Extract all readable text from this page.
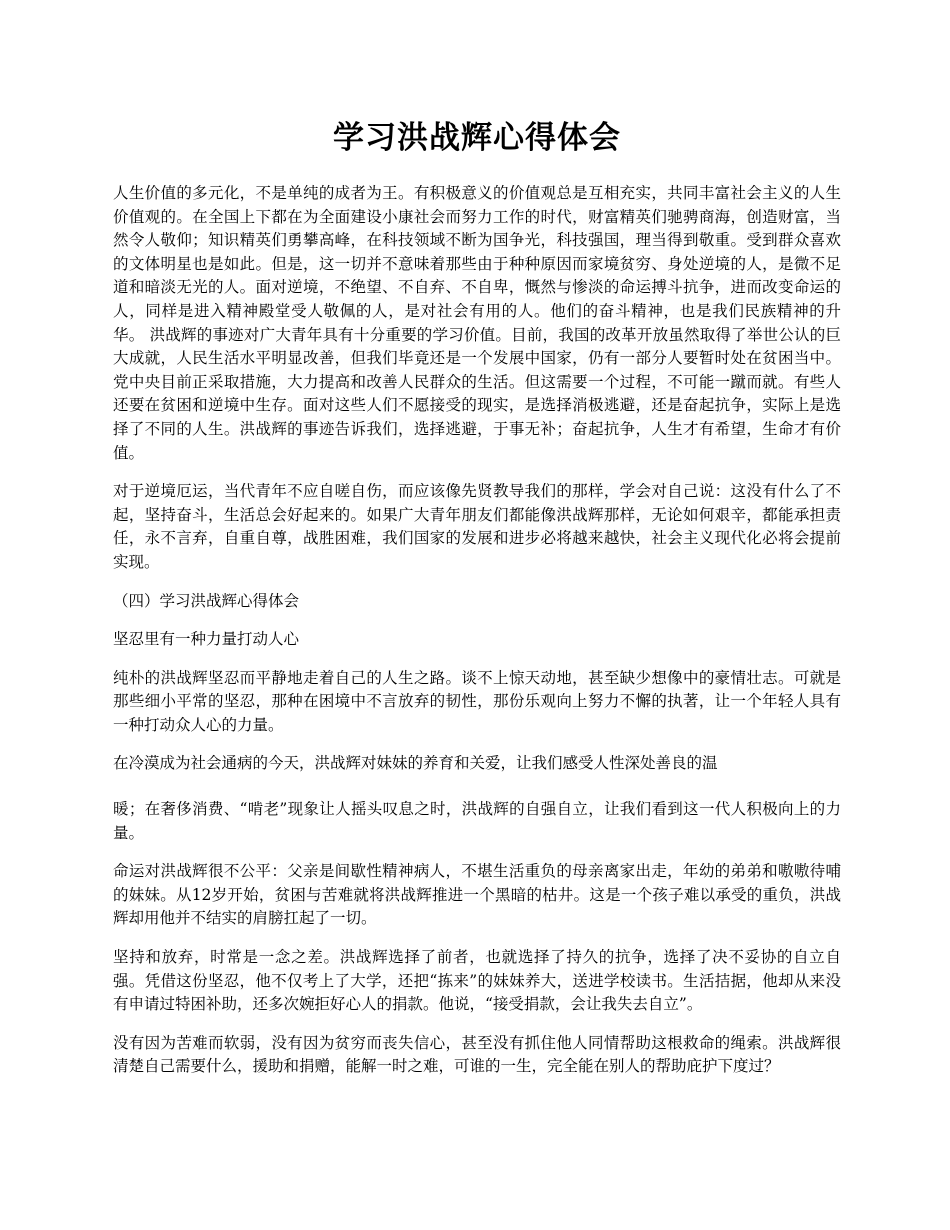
学习洪战辉心得体会

人生价值的多元化，不是单纯的成者为王。有积极意义的价值观总是互相充实，共同丰富社会主义的人生价值观的。在全国上下都在为全面建设小康社会而努力工作的时代，财富精英们驰骋商海，创造财富，当然令人敬仰；知识精英们勇攀高峰，在科技领域不断为国争光，科技强国，理当得到敬重。受到群众喜欢的文体明星也是如此。但是，这一切并不意味着那些由于种种原因而家境贫穷、身处逆境的人，是微不足道和暗淡无光的人。面对逆境，不绝望、不自弃、不自卑，慨然与惨淡的命运搏斗抗争，进而改变命运的人，同样是进入精神殿堂受人敬佩的人，是对社会有用的人。他们的奋斗精神，也是我们民族精神的升华。 洪战辉的事迹对广大青年具有十分重要的学习价值。目前，我国的改革开放虽然取得了举世公认的巨大成就，人民生活水平明显改善，但我们毕竟还是一个发展中国家，仍有一部分人要暂时处在贫困当中。党中央目前正采取措施，大力提高和改善人民群众的生活。但这需要一个过程，不可能一蹴而就。有些人还要在贫困和逆境中生存。面对这些人们不愿接受的现实，是选择消极逃避，还是奋起抗争，实际上是选择了不同的人生。洪战辉的事迹告诉我们，选择逃避，于事无补；奋起抗争，人生才有希望，生命才有价值。

对于逆境厄运，当代青年不应自嗟自伤，而应该像先贤教导我们的那样，学会对自己说：这没有什么了不起，坚持奋斗，生活总会好起来的。如果广大青年朋友们都能像洪战辉那样，无论如何艰辛，都能承担责任，永不言弃，自重自尊，战胜困难，我们国家的发展和进步必将越来越快，社会主义现代化必将会提前实现。

（四）学习洪战辉心得体会

坚忍里有一种力量打动人心

纯朴的洪战辉坚忍而平静地走着自己的人生之路。谈不上惊天动地，甚至缺少想像中的豪情壮志。可就是那些细小平常的坚忍，那种在困境中不言放弃的韧性，那份乐观向上努力不懈的执著，让一个年轻人具有一种打动众人心的力量。

在冷漠成为社会通病的今天，洪战辉对妹妹的养育和关爱，让我们感受人性深处善良的温

暖；在奢侈消费、“啃老”现象让人摇头叹息之时，洪战辉的自强自立，让我们看到这一代人积极向上的力量。

命运对洪战辉很不公平：父亲是间歇性精神病人，不堪生活重负的母亲离家出走，年幼的弟弟和嗷嗷待哺的妹妹。从12岁开始，贫困与苦难就将洪战辉推进一个黑暗的枯井。这是一个孩子难以承受的重负，洪战辉却用他并不结实的肩膀扛起了一切。

坚持和放弃，时常是一念之差。洪战辉选择了前者，也就选择了持久的抗争，选择了决不妥协的自立自强。凭借这份坚忍，他不仅考上了大学，还把“拣来”的妹妹养大，送进学校读书。生活拮据，他却从来没有申请过特困补助，还多次婉拒好心人的捐款。他说，“接受捐款，会让我失去自立”。

没有因为苦难而软弱，没有因为贫穷而丧失信心，甚至没有抓住他人同情帮助这根救命的绳索。洪战辉很清楚自己需要什么，援助和捐赠，能解一时之难，可谁的一生，完全能在别人的帮助庇护下度过？
